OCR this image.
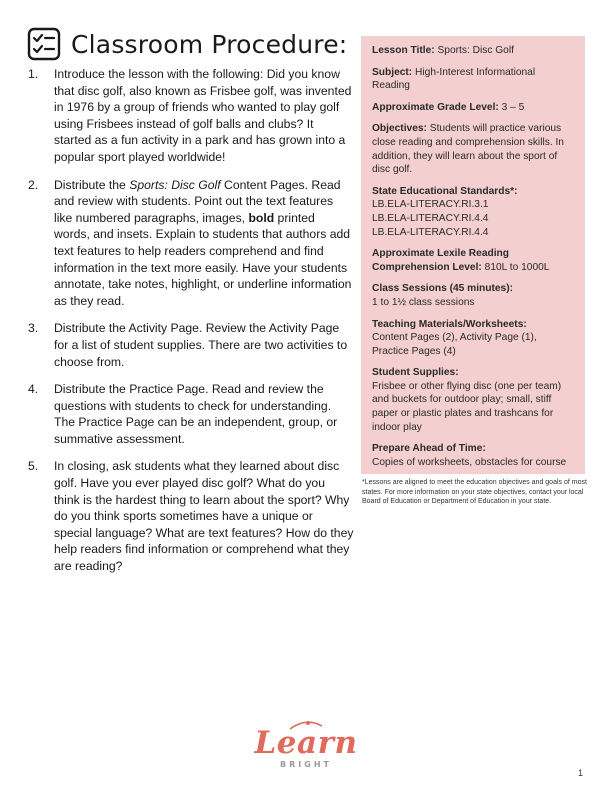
Classroom Procedure:
1.	Introduce the lesson with the following: Did you know that disc golf, also known as Frisbee golf, was invented in 1976 by a group of friends who wanted to play golf using Frisbees instead of golf balls and clubs? It started as a fun activity in a park and has grown into a popular sport played worldwide!
2.	Distribute the Sports: Disc Golf Content Pages. Read and review with students. Point out the text features like numbered paragraphs, images, bold printed words, and insets. Explain to students that authors add text features to help readers comprehend and find information in the text more easily. Have your students annotate, take notes, highlight, or underline information as they read.
3.	Distribute the Activity Page. Review the Activity Page for a list of student supplies. There are two activities to choose from.
4.	Distribute the Practice Page. Read and review the questions with students to check for understanding. The Practice Page can be an independent, group, or summative assessment.
5.	In closing, ask students what they learned about disc golf. Have you ever played disc golf? What do you think is the hardest thing to learn about the sport? Why do you think sports sometimes have a unique or special language? What are text features? How do they help readers find information or comprehend what they are reading?
Lesson Title: Sports: Disc Golf
Subject: High-Interest Informational Reading
Approximate Grade Level: 3 – 5
Objectives: Students will practice various close reading and comprehension skills. In addition, they will learn about the sport of disc golf.
State Educational Standards*:
LB.ELA-LITERACY.RI.3.1
LB.ELA-LITERACY.RI.4.4
LB.ELA-LITERACY.RI.4.4
Approximate Lexile Reading Comprehension Level: 810L to 1000L
Class Sessions (45 minutes):
1 to 1½ class sessions
Teaching Materials/Worksheets:
Content Pages (2), Activity Page (1), Practice Pages (4)
Student Supplies:
Frisbee or other flying disc (one per team) and buckets for outdoor play; small, stiff paper or plastic plates and trashcans for indoor play
Prepare Ahead of Time:
Copies of worksheets, obstacles for course
*Lessons are aligned to meet the education objectives and goals of most states. For more information on your state objectives, contact your local Board of Education or Department of Education in your state.
Learn
BRIGHT
1
